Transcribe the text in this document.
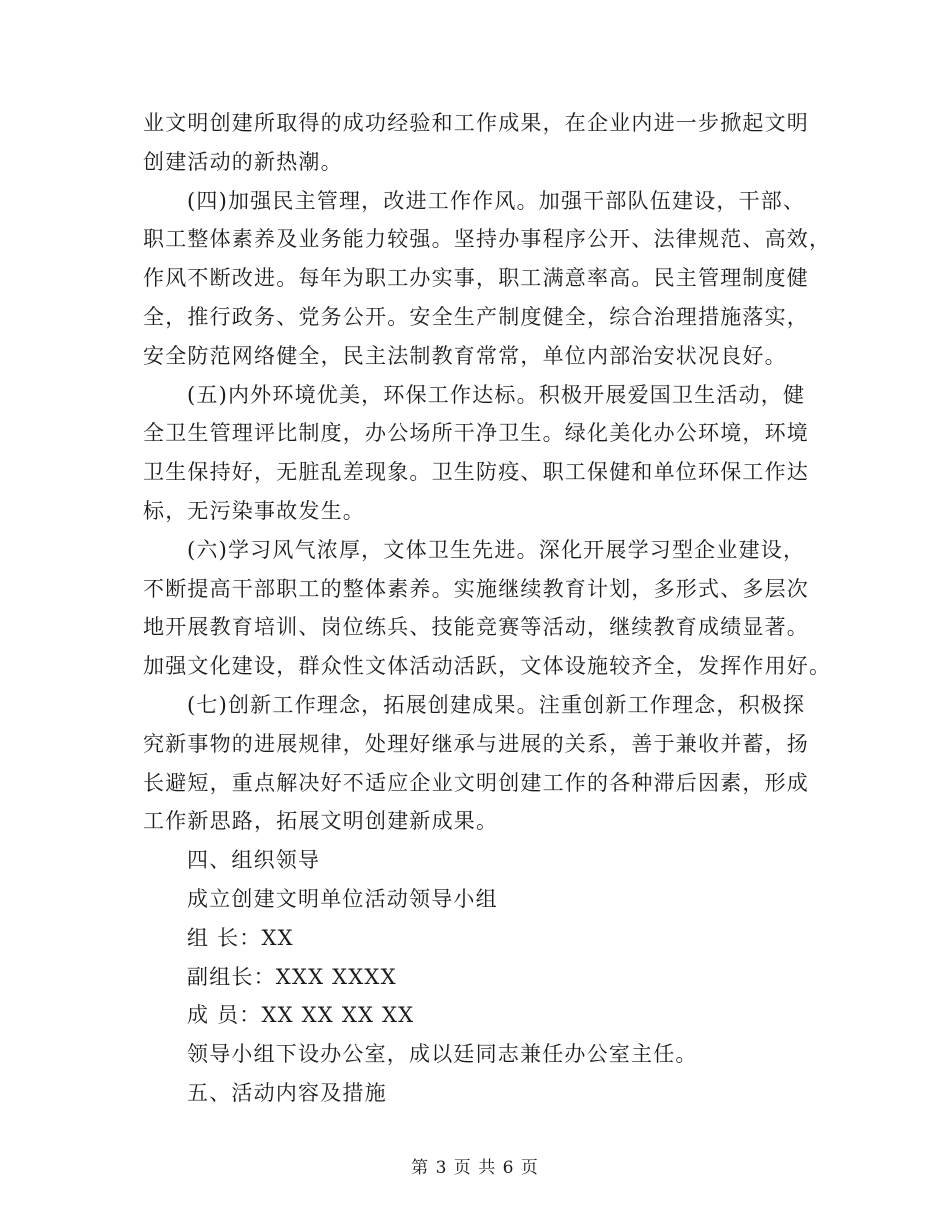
业文明创建所取得的成功经验和工作成果，在企业内进一步掀起文明
创建活动的新热潮。
(四)加强民主管理，改进工作作风。加强干部队伍建设，干部、
职工整体素养及业务能力较强。坚持办事程序公开、法律规范、高效，
作风不断改进。每年为职工办实事，职工满意率高。民主管理制度健
全，推行政务、党务公开。安全生产制度健全，综合治理措施落实，
安全防范网络健全，民主法制教育常常，单位内部治安状况良好。
(五)内外环境优美，环保工作达标。积极开展爱国卫生活动，健
全卫生管理评比制度，办公场所干净卫生。绿化美化办公环境，环境
卫生保持好，无脏乱差现象。卫生防疫、职工保健和单位环保工作达
标，无污染事故发生。
(六)学习风气浓厚，文体卫生先进。深化开展学习型企业建设，
不断提高干部职工的整体素养。实施继续教育计划，多形式、多层次
地开展教育培训、岗位练兵、技能竞赛等活动，继续教育成绩显著。
加强文化建设，群众性文体活动活跃，文体设施较齐全，发挥作用好。
(七)创新工作理念，拓展创建成果。注重创新工作理念，积极探
究新事物的进展规律，处理好继承与进展的关系，善于兼收并蓄，扬
长避短，重点解决好不适应企业文明创建工作的各种滞后因素，形成
工作新思路，拓展文明创建新成果。
四、组织领导
成立创建文明单位活动领导小组
组 长：XX
副组长：XXX XXXX
成 员：XX XX XX XX
领导小组下设办公室，成以廷同志兼任办公室主任。
五、活动内容及措施
第 3 页 共 6 页
